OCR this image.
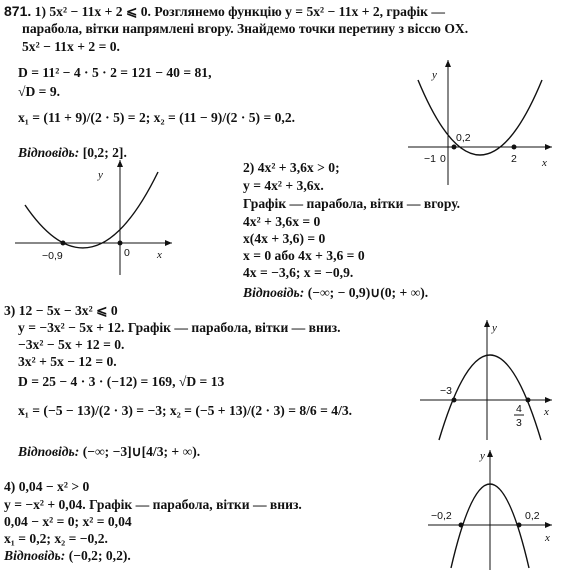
871. 1) 5x² − 11x + 2 ⩽ 0. Розглянемо функцію y = 5x² − 11x + 2, графік —
парабола, вітки напрямлені вгору. Знайдемо точки перетину з віссю OX.
5x² − 11x + 2 = 0.
D = 11² − 4 · 5 · 2 = 121 − 40 = 81,
√D = 9.
x₁ = (11 + 9)/(2 · 5) = 2; x₂ = (11 − 9)/(2 · 5) = 0,2.
Відповідь: [0,2; 2].
x
y
−1 0
0,2
2
x
y
−0,9	0
2) 4x² + 3,6x > 0;
y = 4x² + 3,6x.
Графік — парабола, вітки — вгору.
4x² + 3,6x = 0
x(4x + 3,6) = 0
x = 0 або 4x + 3,6 = 0
4x = −3,6; x = −0,9.
Відповідь: (−∞; − 0,9)∪(0; + ∞).
3) 12 − 5x − 3x² ⩽ 0
y = −3x² − 5x + 12. Графік — парабола, вітки — вниз.
−3x² − 5x + 12 = 0.
3x² + 5x − 12 = 0.
D = 25 − 4 · 3 · (−12) = 169, √D = 13
x₁ = (−5 − 13)/(2 · 3) = −3; x₂ = (−5 + 13)/(2 · 3) = 8/6 = 4/3.
Відповідь: (−∞; −3]∪[4/3; + ∞).
x
y
−3
4
3
4) 0,04 − x² > 0
y = −x² + 0,04. Графік — парабола, вітки — вниз.
0,04 − x² = 0; x² = 0,04
x₁ = 0,2; x₂ = −0,2.
Відповідь: (−0,2; 0,2).
x
y
−0,2	0,2
